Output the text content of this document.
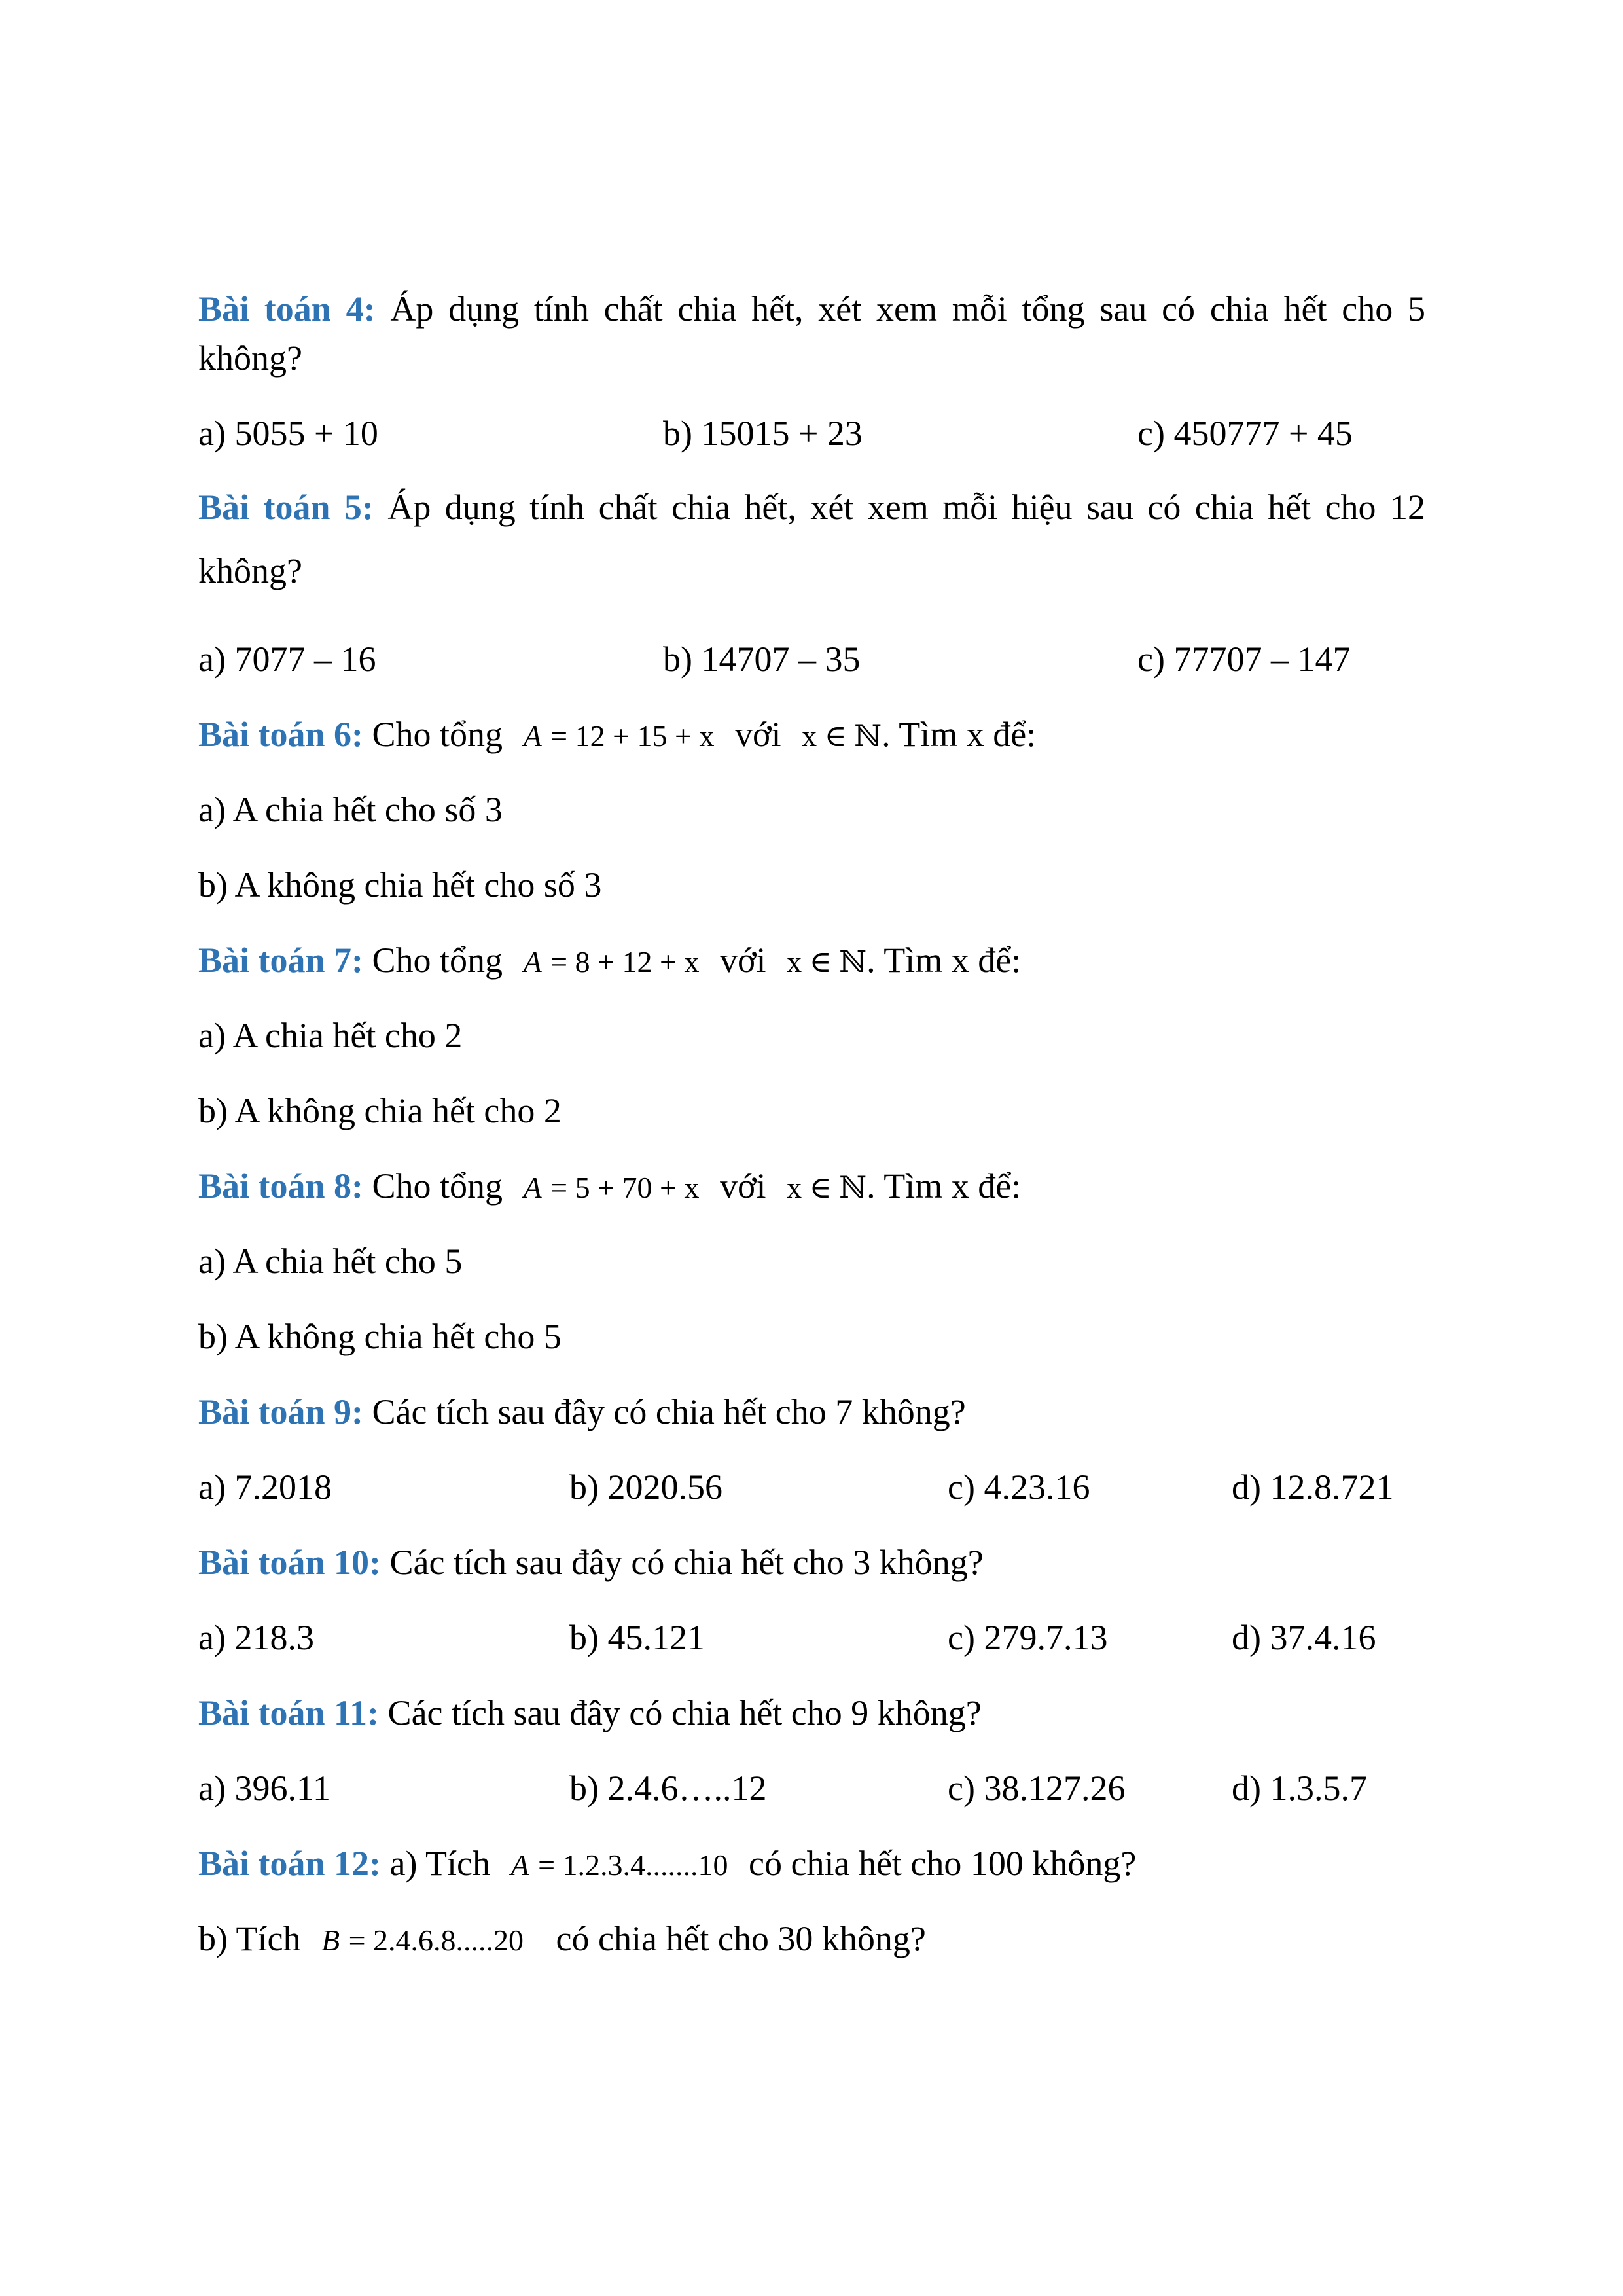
Bài toán 4: Áp dụng tính chất chia hết, xét xem mỗi tổng sau có chia hết cho 5
không?
a) 5055 + 10	b) 15015 + 23	c) 450777 + 45
Bài toán 5: Áp dụng tính chất chia hết, xét xem mỗi hiệu sau có chia hết cho 12
không?
a) 7077 – 16	b) 14707 – 35	c) 77707 – 147
Bài toán 6: Cho tổng A = 12 + 15 + x với x ∈ ℕ. Tìm x để:
a) A chia hết cho số 3
b) A không chia hết cho số 3
Bài toán 7: Cho tổng A = 8 + 12 + x với x ∈ ℕ. Tìm x để:
a) A chia hết cho 2
b) A không chia hết cho 2
Bài toán 8: Cho tổng A = 5 + 70 + x với x ∈ ℕ. Tìm x để:
a) A chia hết cho 5
b) A không chia hết cho 5
Bài toán 9: Các tích sau đây có chia hết cho 7 không?
a) 7.2018	b) 2020.56	c) 4.23.16	d) 12.8.721
Bài toán 10: Các tích sau đây có chia hết cho 3 không?
a) 218.3	b) 45.121	c) 279.7.13	d) 37.4.16
Bài toán 11: Các tích sau đây có chia hết cho 9 không?
a) 396.11	b) 2.4.6…..12	c) 38.127.26	d) 1.3.5.7
Bài toán 12: a) Tích A = 1.2.3.4.......10 có chia hết cho 100 không?
b) Tích B = 2.4.6.8.....20 có chia hết cho 30 không?
